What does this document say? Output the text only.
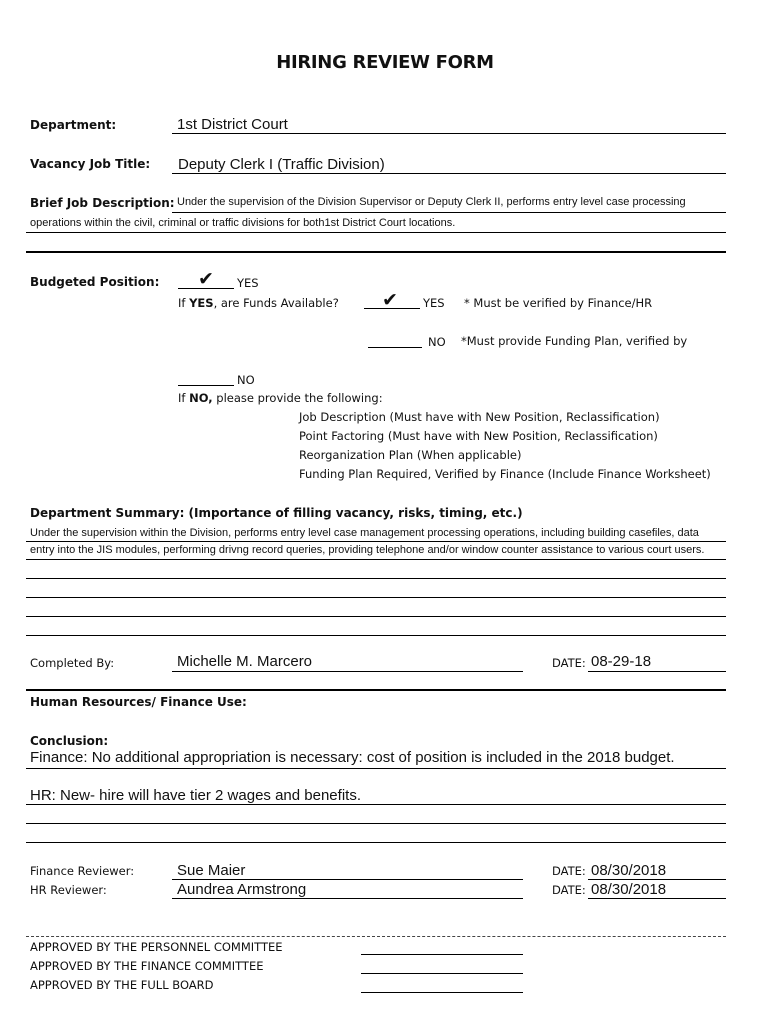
HIRING REVIEW FORM
Department:	1st District Court
Vacancy Job Title: Deputy Clerk I (Traffic Division)
Brief Job Description: Under the supervision of the Division Supervisor or Deputy Clerk II, performs entry level case processing
operations within the civil, criminal or traffic divisions for both1st District Court locations.
Budgeted Position: ✔ YES
If YES, are Funds Available? ✔ YES * Must be verified by Finance/HR
NO *Must provide Funding Plan, verified by
NO
If NO, please provide the following:
Job Description (Must have with New Position, Reclassification)
Point Factoring (Must have with New Position, Reclassification)
Reorganization Plan (When applicable)
Funding Plan Required, Verified by Finance (Include Finance Worksheet)
Department Summary: (Importance of filling vacancy, risks, timing, etc.)
Under the supervision within the Division, performs entry level case management processing operations, including building casefiles, data
entry into the JIS modules, performing drivng record queries, providing telephone and/or window counter assistance to various court users.
Completed By:	Michelle M. Marcero	DATE: 08-29-18
Human Resources/ Finance Use:
Conclusion:
Finance: No additional appropriation is necessary: cost of position is included in the 2018 budget.
HR: New- hire will have tier 2 wages and benefits.
Finance Reviewer:	Sue Maier	DATE: 08/30/2018
HR Reviewer:	Aundrea Armstrong	DATE: 08/30/2018
APPROVED BY THE PERSONNEL COMMITTEE
APPROVED BY THE FINANCE COMMITTEE
APPROVED BY THE FULL BOARD
